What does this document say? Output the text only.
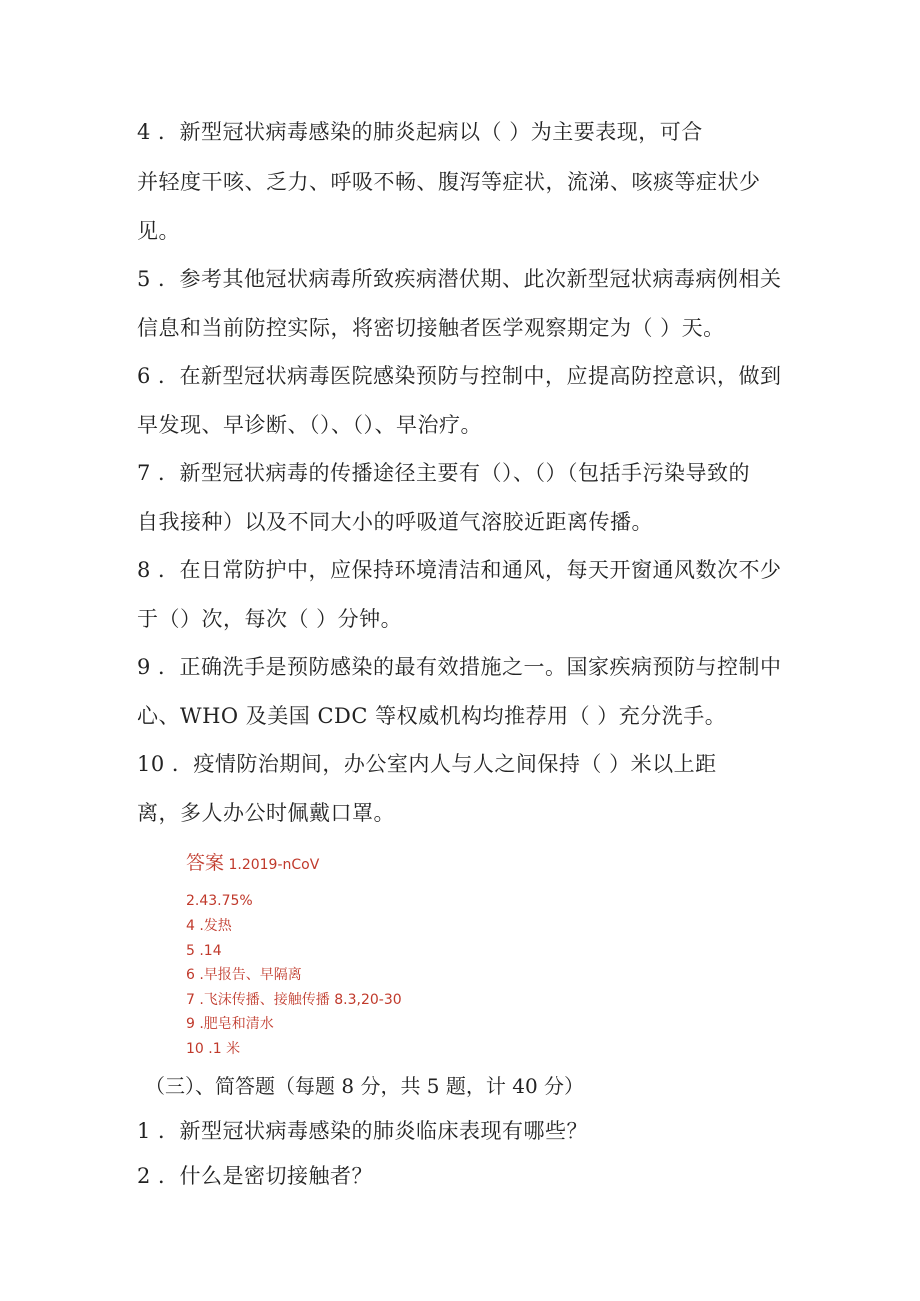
4 ．新型冠状病毒感染的肺炎起病以（ ）为主要表现，可合
并轻度干咳、乏力、呼吸不畅、腹泻等症状，流涕、咳痰等症状少
见。
5 ．参考其他冠状病毒所致疾病潜伏期、此次新型冠状病毒病例相关
信息和当前防控实际，将密切接触者医学观察期定为（ ）天。
6 ．在新型冠状病毒医院感染预防与控制中，应提高防控意识，做到
早发现、早诊断、（）、（）、早治疗。
7 ．新型冠状病毒的传播途径主要有（）、（）（包括手污染导致的
自我接种）以及不同大小的呼吸道气溶胶近距离传播。
8 ．在日常防护中，应保持环境清洁和通风，每天开窗通风数次不少
于（）次，每次（ ）分钟。
9 ．正确洗手是预防感染的最有效措施之一。国家疾病预防与控制中
心、WHO 及美国 CDC 等权威机构均推荐用（ ）充分洗手。
10 ．疫情防治期间，办公室内人与人之间保持（ ）米以上距
离，多人办公时佩戴口罩。
答案 1.2019-nCoV
2.43.75%
4 .发热
5 .14
6 .早报告、早隔离
7 .飞沫传播、接触传播 8.3,20-30
9 .肥皂和清水
10 .1 米
（三）、简答题（每题 8 分，共 5 题，计 40 分）
1 ．新型冠状病毒感染的肺炎临床表现有哪些？
2 ．什么是密切接触者？
